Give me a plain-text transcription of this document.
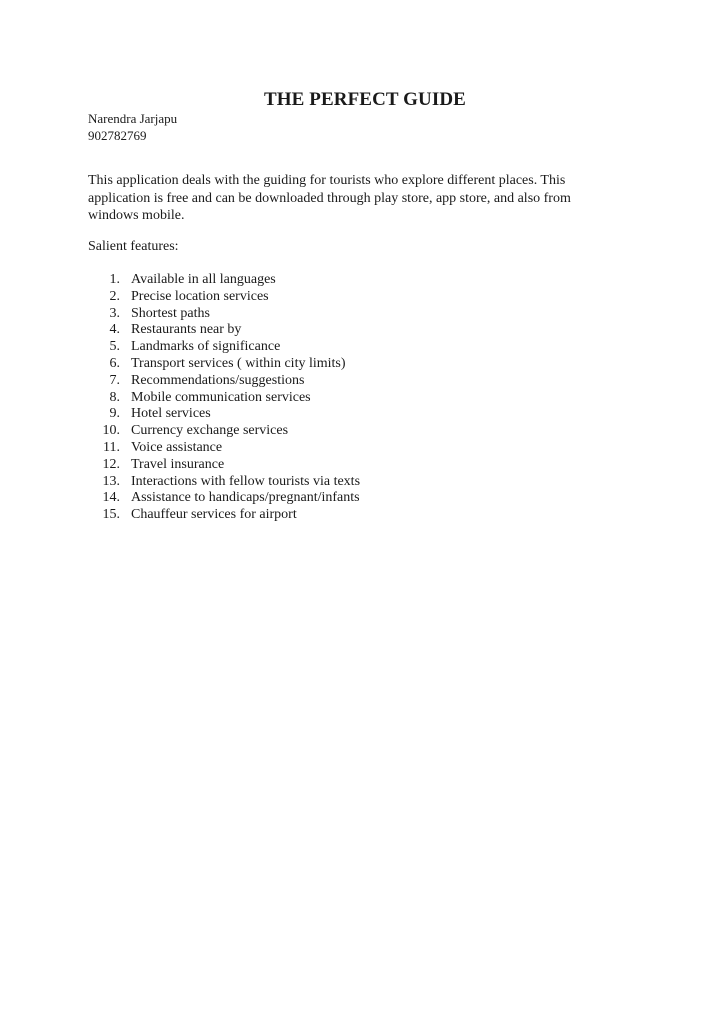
THE PERFECT GUIDE
Narendra Jarjapu
902782769
This application deals with the guiding for tourists who explore different places. This application is free and can be downloaded through play store, app store, and also from windows mobile.
Salient features:
1. Available in all languages
2. Precise location services
3. Shortest paths
4. Restaurants near by
5. Landmarks of significance
6. Transport services ( within city limits)
7. Recommendations/suggestions
8. Mobile communication services
9. Hotel services
10. Currency exchange services
11. Voice assistance
12. Travel insurance
13. Interactions with fellow tourists via texts
14. Assistance to handicaps/pregnant/infants
15. Chauffeur services for airport
